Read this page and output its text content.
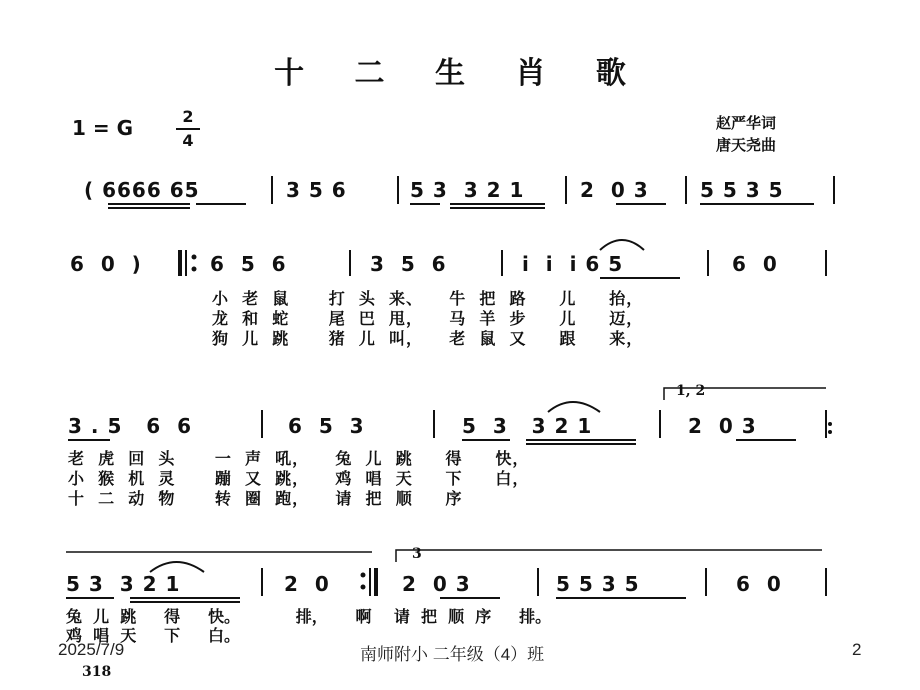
十 二 生 肖 歌
1 = G	2
4
赵严华词
唐天尧曲
( 6666 65	3 5 6	5 3  3 2 1	2  0 3	5 5 3 5
6  0  )	6  5  6	3  5  6	i  i  i 6 5	6  0
小  老  鼠      打  头  来、    牛  把  路     儿     抬，
龙  和  蛇      尾  巴  甩，    马  羊  步     儿     迈，
狗  儿  跳      猪  儿  叫，    老  鼠  又     跟     来，
1, 2
3 . 5   6  6	6  5  3	5  3   3 2 1	2  0 3
老  虎  回  头      一  声  吼，    兔  儿  跳     得     快，
小  猴  机  灵      蹦  又  跳，    鸡  唱  天     下     白，
十  二  动  物      转  圈  跑，    请  把  顺     序
3
5 3  3 2 1	2  0	2  0 3	5 5 3 5	6  0
兔  儿  跳     得     快。          排，     啊    请  把  顺  序     排。
鸡  唱  天     下     白。
2025/7/9	南师附小 二年级（4）班	2
318
